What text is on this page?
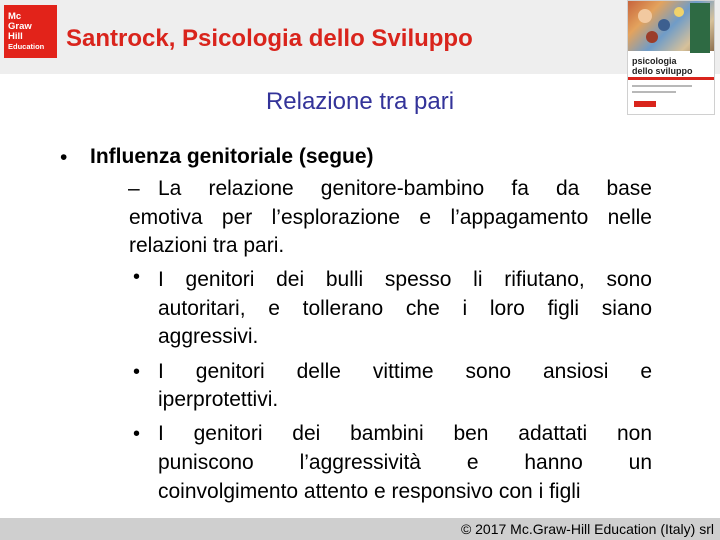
Mc
Graw
Hill
Education Santrock, Psicologia dello Sviluppo
psicologia
dello sviluppo
Relazione tra pari
• Influenza genitoriale (segue)
– La relazione genitore-bambino fa da base
emotiva per l’esplorazione e l’appagamento nelle
relazioni tra pari.
• I genitori dei bulli spesso li rifiutano, sono
autoritari, e tollerano che i loro figli siano
aggressivi.
• I genitori delle vittime sono ansiosi e
iperprotettivi.
• I genitori dei bambini ben adattati non
puniscono l’aggressività e hanno un
coinvolgimento attento e responsivo con i figli
© 2017 Mc.Graw-Hill Education (Italy) srl
